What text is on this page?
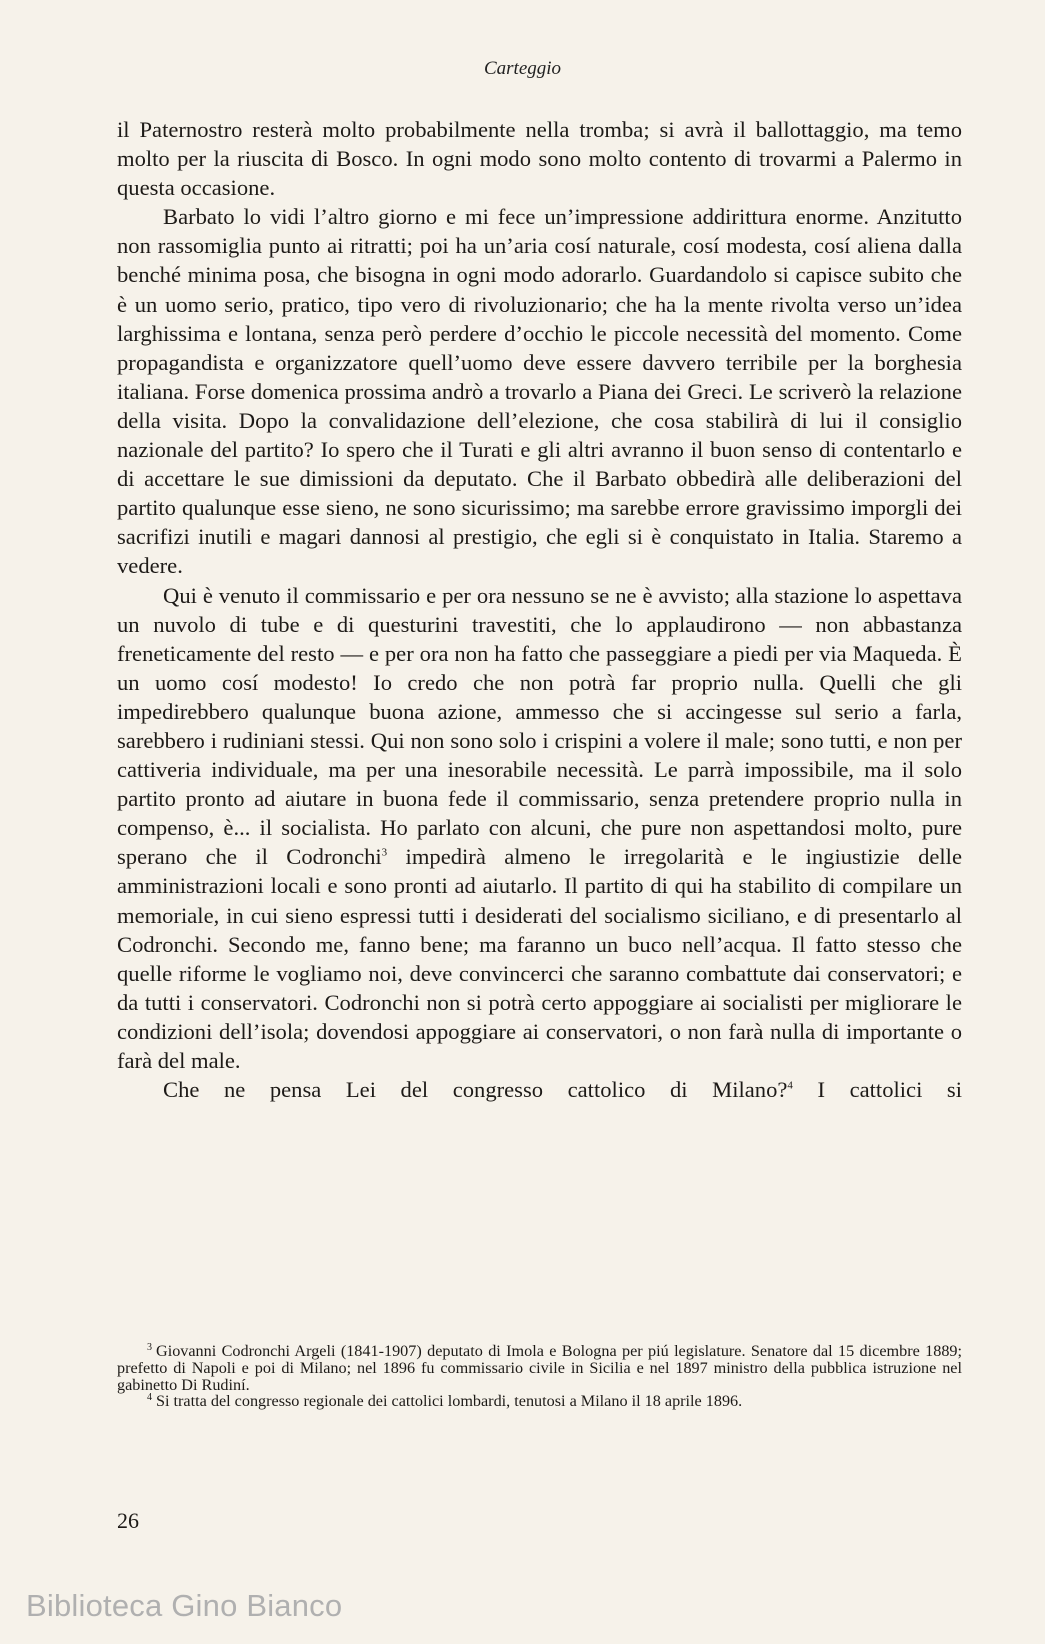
Carteggio

il Paternostro resterà molto probabilmente nella tromba; si avrà il ballottaggio, ma temo molto per la riuscita di Bosco. In ogni modo sono molto contento di trovarmi a Palermo in questa occasione.

Barbato lo vidi l’altro giorno e mi fece un’impressione addirittura enorme. Anzitutto non rassomiglia punto ai ritratti; poi ha un’aria cosí naturale, cosí modesta, cosí aliena dalla benché minima posa, che bisogna in ogni modo adorarlo. Guardandolo si capisce subito che è un uomo serio, pratico, tipo vero di rivoluzionario; che ha la mente rivolta verso un’idea larghissima e lontana, senza però perdere d’occhio le piccole necessità del momento. Come propagandista e organizzatore quell’uomo deve essere davvero terribile per la borghesia italiana. Forse domenica prossima andrò a trovarlo a Piana dei Greci. Le scriverò la relazione della visita. Dopo la convalidazione dell’elezione, che cosa stabilirà di lui il consiglio nazionale del partito? Io spero che il Turati e gli altri avranno il buon senso di contentarlo e di accettare le sue dimissioni da deputato. Che il Barbato obbedirà alle deliberazioni del partito qualunque esse sieno, ne sono sicurissimo; ma sarebbe errore gravissimo imporgli dei sacrifizi inutili e magari dannosi al prestigio, che egli si è conquistato in Italia. Staremo a vedere.

Qui è venuto il commissario e per ora nessuno se ne è avvisto; alla stazione lo aspettava un nuvolo di tube e di questurini travestiti, che lo applaudirono — non abbastanza freneticamente del resto — e per ora non ha fatto che passeggiare a piedi per via Maqueda. È un uomo cosí modesto! Io credo che non potrà far proprio nulla. Quelli che gli impedirebbero qualunque buona azione, ammesso che si accingesse sul serio a farla, sarebbero i rudiniani stessi. Qui non sono solo i crispini a volere il male; sono tutti, e non per cattiveria individuale, ma per una inesorabile necessità. Le parrà impossibile, ma il solo partito pronto ad aiutare in buona fede il commissario, senza pretendere proprio nulla in compenso, è... il socialista. Ho parlato con alcuni, che pure non aspettandosi molto, pure sperano che il Codronchi$^3$ impedirà almeno le irregolarità e le ingiustizie delle amministrazioni locali e sono pronti ad aiutarlo. Il partito di qui ha stabilito di compilare un memoriale, in cui sieno espressi tutti i desiderati del socialismo siciliano, e di presentarlo al Codronchi. Secondo me, fanno bene; ma faranno un buco nell’acqua. Il fatto stesso che quelle riforme le vogliamo noi, deve convincerci che saranno combattute dai conservatori; e da tutti i conservatori. Codronchi non si potrà certo appoggiare ai socialisti per migliorare le condizioni dell’isola; dovendosi appoggiare ai conservatori, o non farà nulla di importante o farà del male.

Che ne pensa Lei del congresso cattolico di Milano?$^4$ I cattolici si

$^3$ Giovanni Codronchi Argeli (1841-1907) deputato di Imola e Bologna per piú legislature. Senatore dal 15 dicembre 1889; prefetto di Napoli e poi di Milano; nel 1896 fu commissario civile in Sicilia e nel 1897 ministro della pubblica istruzione nel gabinetto Di Rudiní.

$^4$ Si tratta del congresso regionale dei cattolici lombardi, tenutosi a Milano il 18 aprile 1896.

26
Biblioteca Gino Bianco
